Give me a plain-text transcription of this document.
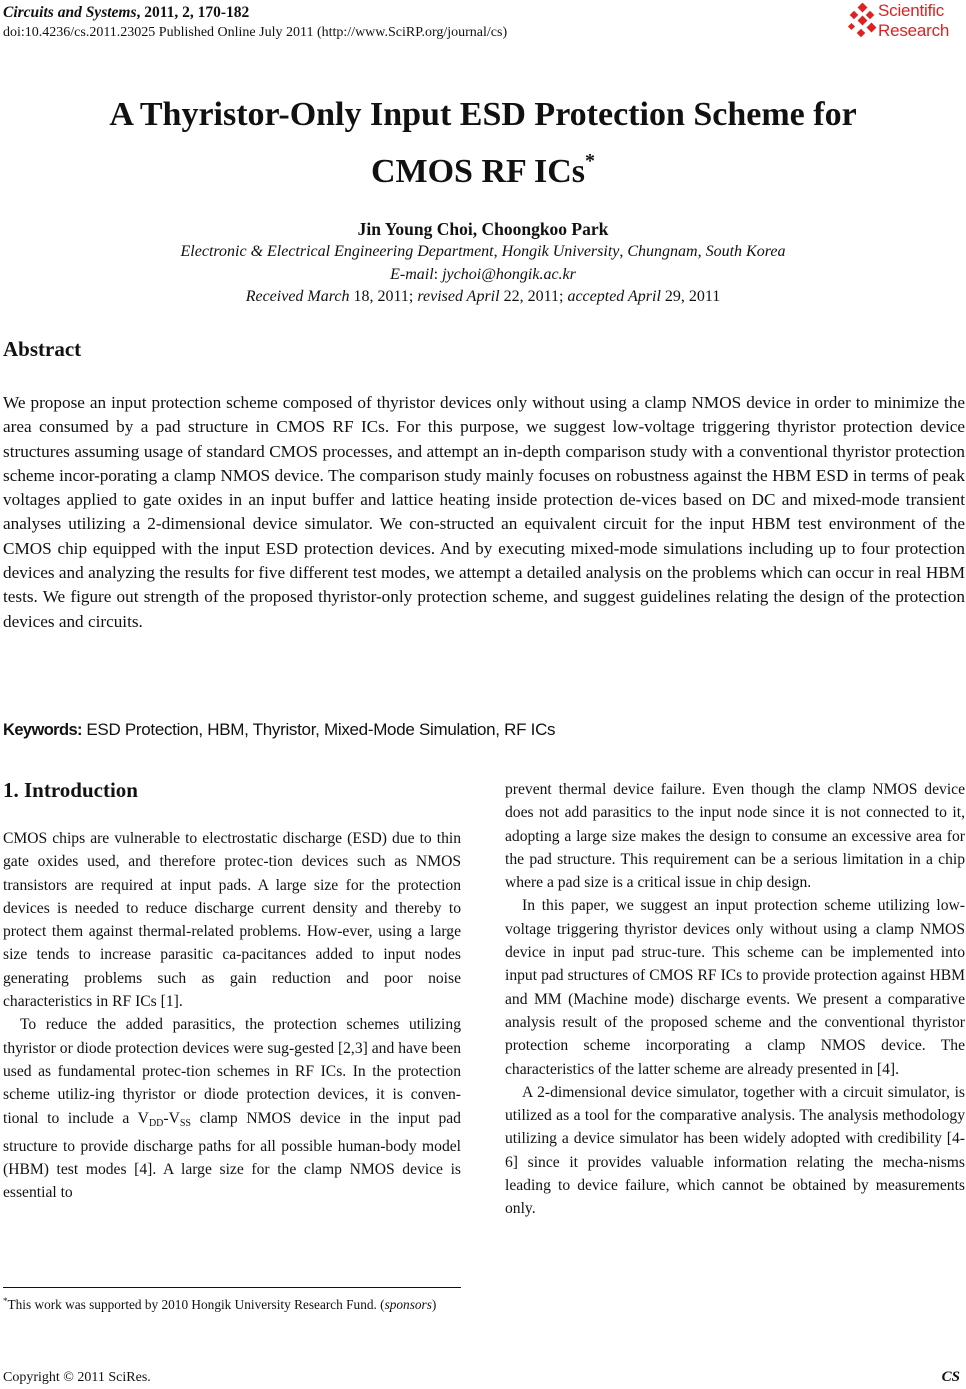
Circuits and Systems, 2011, 2, 170-182
doi:10.4236/cs.2011.23025 Published Online July 2011 (http://www.SciRP.org/journal/cs)
Scientific
Research
A Thyristor-Only Input ESD Protection Scheme for
CMOS RF ICs*
Jin Young Choi, Choongkoo Park
Electronic & Electrical Engineering Department, Hongik University, Chungnam, South Korea
E-mail: jychoi@hongik.ac.kr
Received March 18, 2011; revised April 22, 2011; accepted April 29, 2011
Abstract
We propose an input protection scheme composed of thyristor devices only without using a clamp NMOS device in order to minimize the area consumed by a pad structure in CMOS RF ICs. For this purpose, we suggest low-voltage triggering thyristor protection device structures assuming usage of standard CMOS processes, and attempt an in-depth comparison study with a conventional thyristor protection scheme incor-porating a clamp NMOS device. The comparison study mainly focuses on robustness against the HBM ESD in terms of peak voltages applied to gate oxides in an input buffer and lattice heating inside protection de-vices based on DC and mixed-mode transient analyses utilizing a 2-dimensional device simulator. We con-structed an equivalent circuit for the input HBM test environment of the CMOS chip equipped with the input ESD protection devices. And by executing mixed-mode simulations including up to four protection devices and analyzing the results for five different test modes, we attempt a detailed analysis on the problems which can occur in real HBM tests. We figure out strength of the proposed thyristor-only protection scheme, and suggest guidelines relating the design of the protection devices and circuits.
Keywords: ESD Protection, HBM, Thyristor, Mixed-Mode Simulation, RF ICs
1. Introduction

CMOS chips are vulnerable to electrostatic discharge (ESD) due to thin gate oxides used, and therefore protec-tion devices such as NMOS transistors are required at input pads. A large size for the protection devices is needed to reduce discharge current density and thereby to protect them against thermal-related problems. How-ever, using a large size tends to increase parasitic ca-pacitances added to input nodes generating problems such as gain reduction and poor noise characteristics in RF ICs [1].

To reduce the added parasitics, the protection schemes utilizing thyristor or diode protection devices were sug-gested [2,3] and have been used as fundamental protec-tion schemes in RF ICs. In the protection scheme utiliz-ing thyristor or diode protection devices, it is conven-tional to include a $V_{DD}-V_{SS}$ clamp NMOS device in the input pad structure to provide discharge paths for all possible human-body model (HBM) test modes [4]. A large size for the clamp NMOS device is essential to

prevent thermal device failure. Even though the clamp NMOS device does not add parasitics to the input node since it is not connected to it, adopting a large size makes the design to consume an excessive area for the pad structure. This requirement can be a serious limitation in a chip where a pad size is a critical issue in chip design.

In this paper, we suggest an input protection scheme utilizing low-voltage triggering thyristor devices only without using a clamp NMOS device in input pad struc-ture. This scheme can be implemented into input pad structures of CMOS RF ICs to provide protection against HBM and MM (Machine mode) discharge events. We present a comparative analysis result of the proposed scheme and the conventional thyristor protection scheme incorporating a clamp NMOS device. The characteristics of the latter scheme are already presented in [4].

A 2-dimensional device simulator, together with a circuit simulator, is utilized as a tool for the comparative analysis. The analysis methodology utilizing a device simulator has been widely adopted with credibility [4-6] since it provides valuable information relating the mecha-nisms leading to device failure, which cannot be obtained by measurements only.

*This work was supported by 2010 Hongik University Research Fund. (sponsors)
Copyright © 2011 SciRes.	CS
